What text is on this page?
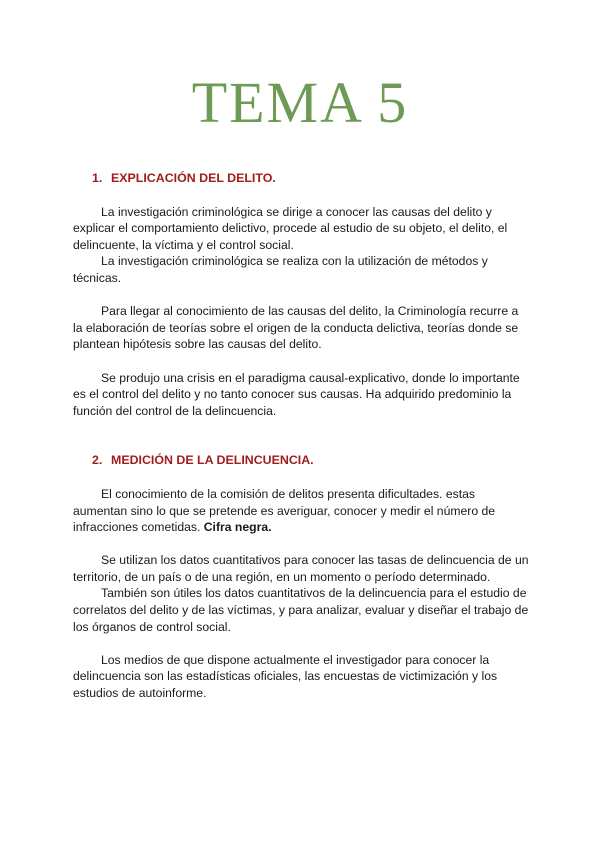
TEMA 5

1. EXPLICACIÓN DEL DELITO.

La investigación criminológica se dirige a conocer las causas del delito y explicar el comportamiento delictivo, procede al estudio de su objeto, el delito, el delincuente, la víctima y el control social.

La investigación criminológica se realiza con la utilización de métodos y técnicas.

Para llegar al conocimiento de las causas del delito, la Criminología recurre a la elaboración de teorías sobre el origen de la conducta delictiva, teorías donde se plantean hipótesis sobre las causas del delito.

Se produjo una crisis en el paradigma causal-explicativo, donde lo importante es el control del delito y no tanto conocer sus causas. Ha adquirido predominio la función del control de la delincuencia.

2. MEDICIÓN DE LA DELINCUENCIA.

El conocimiento de la comisión de delitos presenta dificultades. estas aumentan sino lo que se pretende es averiguar, conocer y medir el número de infracciones cometidas. Cifra negra.

Se utilizan los datos cuantitativos para conocer las tasas de delincuencia de un territorio, de un país o de una región, en un momento o período determinado.

También son útiles los datos cuantitativos de la delincuencia para el estudio de correlatos del delito y de las víctimas, y para analizar, evaluar y diseñar el trabajo de los órganos de control social.

Los medios de que dispone actualmente el investigador para conocer la delincuencia son las estadísticas oficiales, las encuestas de victimización y los estudios de autoinforme.
